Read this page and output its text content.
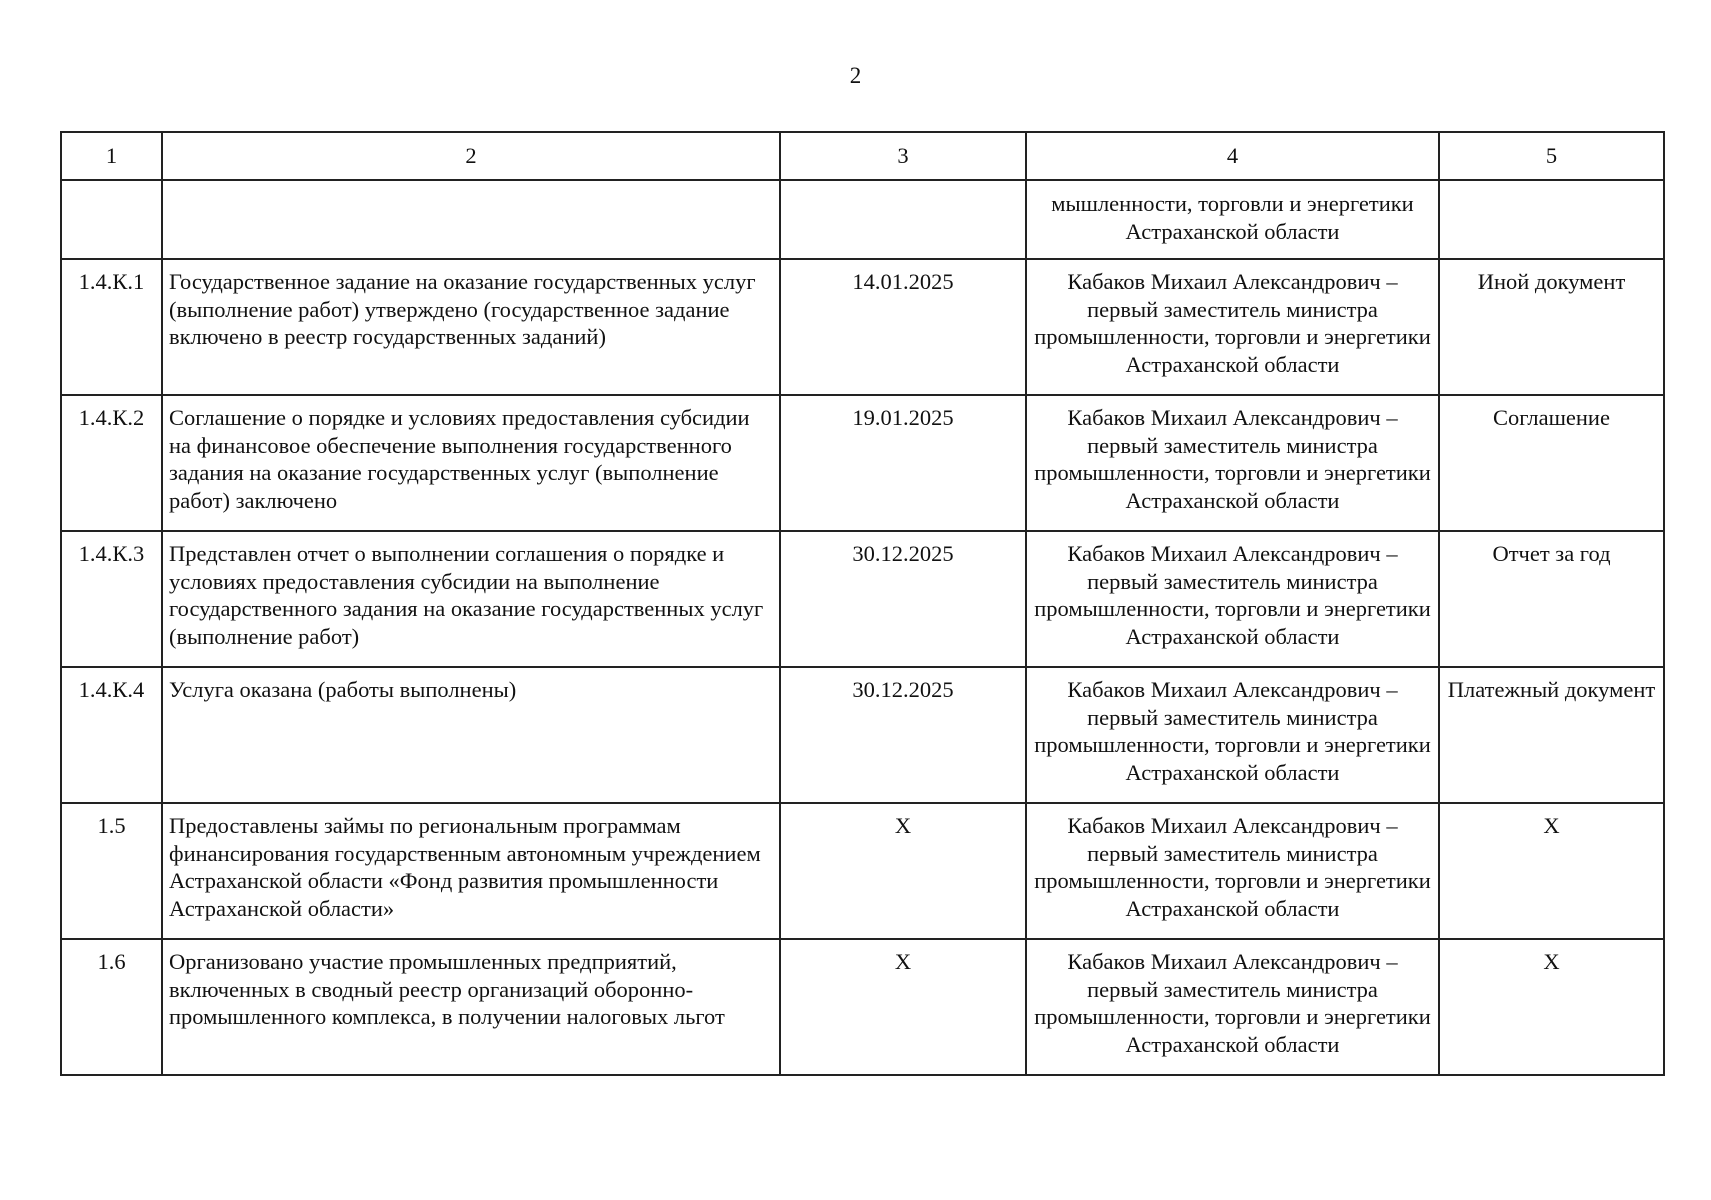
2
1	2	3	4	5
			мышленности, торговли и энергетики Астраханской области	
1.4.К.1	Государственное задание на оказание государственных услуг (выполнение работ) утверждено (государственное задание включено в реестр государственных заданий)	14.01.2025	Кабаков Михаил Александрович – первый заместитель министра промышленности, торговли и энергетики Астраханской области	Иной документ
1.4.К.2	Соглашение о порядке и условиях предоставления субсидии на финансовое обеспечение выполнения государственного задания на оказание государственных услуг (выполнение работ) заключено	19.01.2025	Кабаков Михаил Александрович – первый заместитель министра промышленности, торговли и энергетики Астраханской области	Соглашение
1.4.К.3	Представлен отчет о выполнении соглашения о порядке и условиях предоставления субсидии на выполнение государственного задания на оказание государственных услуг (выполнение работ)	30.12.2025	Кабаков Михаил Александрович – первый заместитель министра промышленности, торговли и энергетики Астраханской области	Отчет за год
1.4.К.4	Услуга оказана (работы выполнены)	30.12.2025	Кабаков Михаил Александрович – первый заместитель министра промышленности, торговли и энергетики Астраханской области	Платежный документ
1.5	Предоставлены займы по региональным программам финансирования государственным автономным учреждением Астраханской области «Фонд развития промышленности Астраханской области»	X	Кабаков Михаил Александрович – первый заместитель министра промышленности, торговли и энергетики Астраханской области	X
1.6	Организовано участие промышленных предприятий, включенных в сводный реестр организаций оборонно-промышленного комплекса, в получении налоговых льгот	X	Кабаков Михаил Александрович – первый заместитель министра промышленности, торговли и энергетики Астраханской области	X
